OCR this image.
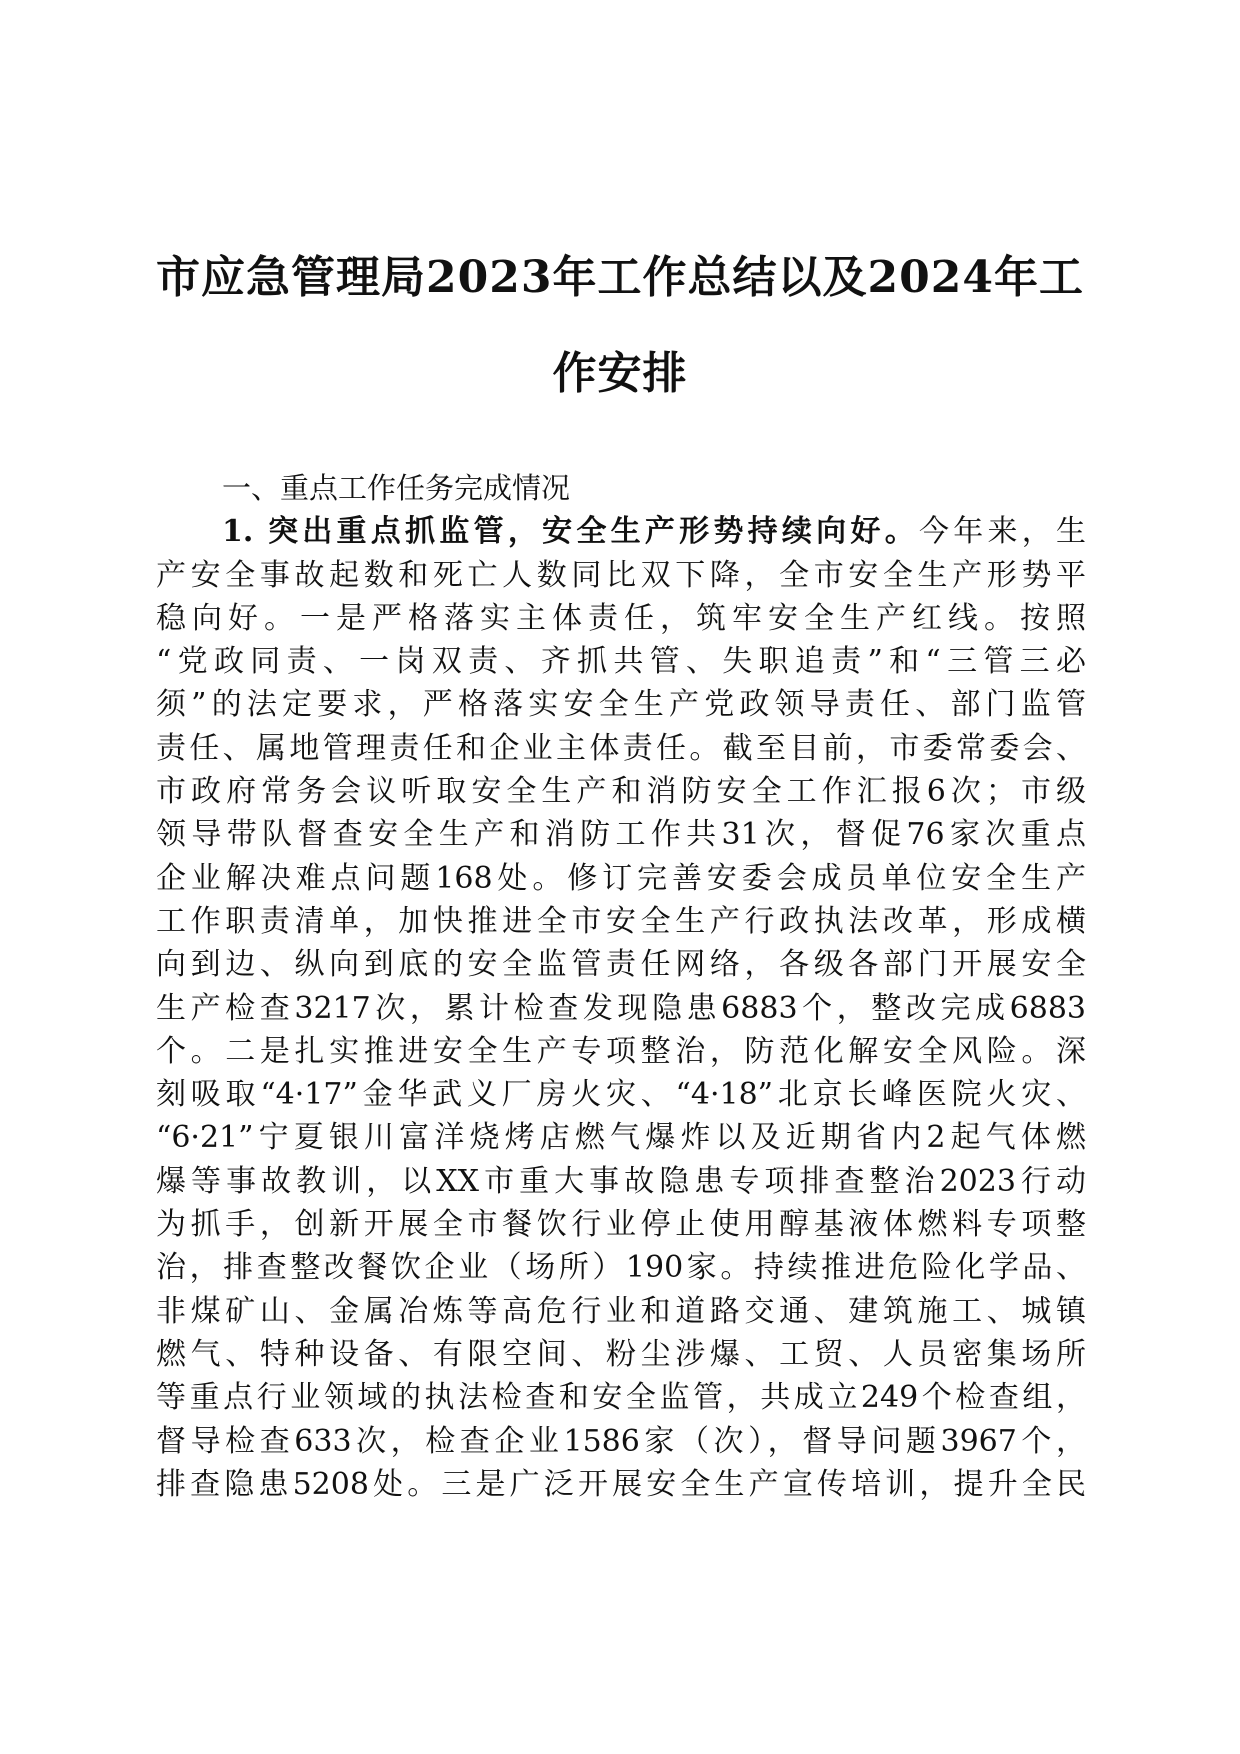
市应急管理局2023年工作总结以及2024年工
作安排
一、重点工作任务完成情况
1. 突出重点抓监管，安全生产形势持续向好。今年来，生
产安全事故起数和死亡人数同比双下降，全市安全生产形势平
稳向好。一是严格落实主体责任，筑牢安全生产红线。按照
“党政同责、一岗双责、齐抓共管、失职追责”和“三管三必
须”的法定要求，严格落实安全生产党政领导责任、部门监管
责任、属地管理责任和企业主体责任。截至目前，市委常委会、
市政府常务会议听取安全生产和消防安全工作汇报6次；市级
领导带队督查安全生产和消防工作共31次，督促76家次重点
企业解决难点问题168处。修订完善安委会成员单位安全生产
工作职责清单，加快推进全市安全生产行政执法改革，形成横
向到边、纵向到底的安全监管责任网络，各级各部门开展安全
生产检查3217次，累计检查发现隐患6883个，整改完成6883
个。二是扎实推进安全生产专项整治，防范化解安全风险。深
刻吸取“4·17”金华武义厂房火灾、“4·18”北京长峰医院火灾、
“6·21”宁夏银川富洋烧烤店燃气爆炸以及近期省内2起气体燃
爆等事故教训，以XX市重大事故隐患专项排查整治2023行动
为抓手，创新开展全市餐饮行业停止使用醇基液体燃料专项整
治，排查整改餐饮企业（场所）190家。持续推进危险化学品、
非煤矿山、金属冶炼等高危行业和道路交通、建筑施工、城镇
燃气、特种设备、有限空间、粉尘涉爆、工贸、人员密集场所
等重点行业领域的执法检查和安全监管，共成立249个检查组，
督导检查633次，检查企业1586家（次），督导问题3967个，
排查隐患5208处。三是广泛开展安全生产宣传培训，提升全民
